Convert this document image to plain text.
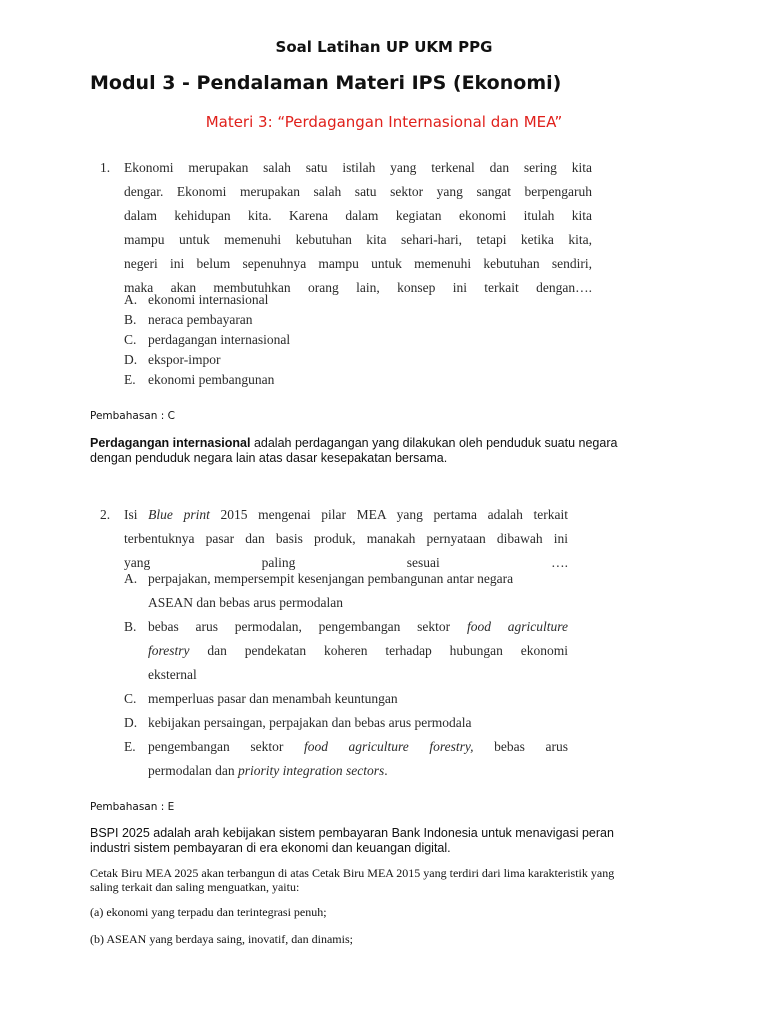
Soal Latihan UP UKM PPG
Modul 3 - Pendalaman Materi IPS (Ekonomi)
Materi 3: “Perdagangan Internasional dan MEA”
1. Ekonomi merupakan salah satu istilah yang terkenal dan sering kita
dengar. Ekonomi merupakan salah satu sektor yang sangat berpengaruh
dalam kehidupan kita. Karena dalam kegiatan ekonomi itulah kita
mampu untuk memenuhi kebutuhan kita sehari-hari, tetapi ketika kita,
negeri ini belum sepenuhnya mampu untuk memenuhi kebutuhan sendiri,
maka akan membutuhkan orang lain, konsep ini terkait dengan….
A. ekonomi internasional
B. neraca pembayaran
C. perdagangan internasional
D. ekspor-impor
E. ekonomi pembangunan
Pembahasan : C
Perdagangan internasional adalah perdagangan yang dilakukan oleh penduduk suatu negara
dengan penduduk negara lain atas dasar kesepakatan bersama.
2. Isi Blue print 2015 mengenai pilar MEA yang pertama adalah terkait
terbentuknya pasar dan basis produk, manakah pernyataan dibawah ini
yang paling sesuai ….
A. perpajakan, mempersempit kesenjangan pembangunan antar negara
ASEAN dan bebas arus permodalan
B. bebas arus permodalan, pengembangan sektor food agriculture
forestry dan pendekatan koheren terhadap hubungan ekonomi
eksternal
C. memperluas pasar dan menambah keuntungan
D. kebijakan persaingan, perpajakan dan bebas arus permodala
E. pengembangan sektor food agriculture forestry, bebas arus
permodalan dan priority integration sectors.
Pembahasan : E
BSPI 2025 adalah arah kebijakan sistem pembayaran Bank Indonesia untuk menavigasi peran
industri sistem pembayaran di era ekonomi dan keuangan digital.
Cetak Biru MEA 2025 akan terbangun di atas Cetak Biru MEA 2015 yang terdiri dari lima karakteristik yang
saling terkait dan saling menguatkan, yaitu:
(a) ekonomi yang terpadu dan terintegrasi penuh;
(b) ASEAN yang berdaya saing, inovatif, dan dinamis;
